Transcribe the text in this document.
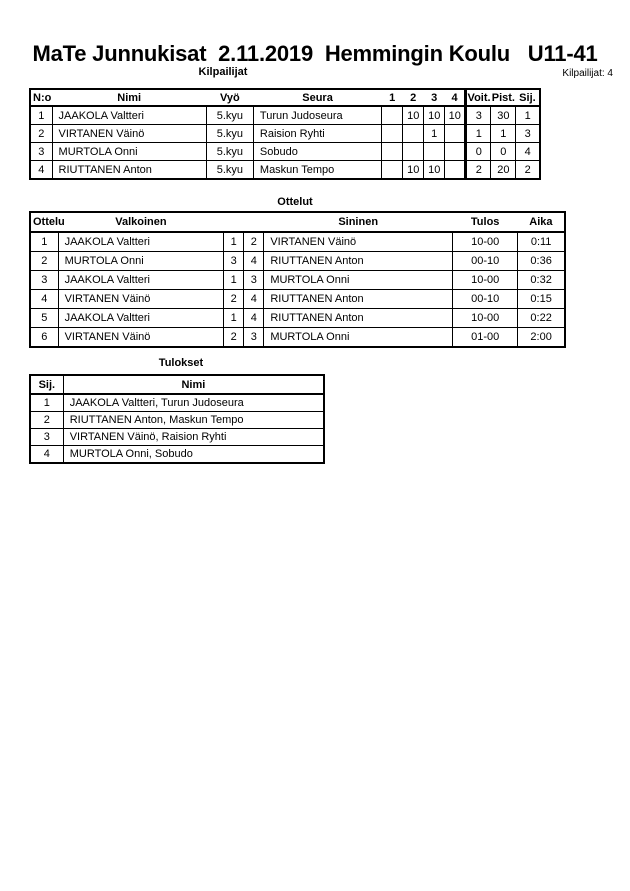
MaTe Junnukisat  2.11.2019  Hemmingin Koulu   U11-41
Kilpailijat	Kilpailijat: 4
N:o	Nimi	Vyö	Seura	1	2	3	4	Voit.	Pist.	Sij.
1	JAAKOLA Valtteri	5.kyu	Turun Judoseura		10	10	10	3	30	1
2	VIRTANEN Väinö	5.kyu	Raision Ryhti			1		1	1	3
3	MURTOLA Onni	5.kyu	Sobudo					0	0	4
4	RIUTTANEN Anton	5.kyu	Maskun Tempo		10	10		2	20	2
Ottelut
Ottelu	Valkoinen			Sininen	Tulos	Aika
1	JAAKOLA Valtteri	1	2	VIRTANEN Väinö	10-00	0:11
2	MURTOLA Onni	3	4	RIUTTANEN Anton	00-10	0:36
3	JAAKOLA Valtteri	1	3	MURTOLA Onni	10-00	0:32
4	VIRTANEN Väinö	2	4	RIUTTANEN Anton	00-10	0:15
5	JAAKOLA Valtteri	1	4	RIUTTANEN Anton	10-00	0:22
6	VIRTANEN Väinö	2	3	MURTOLA Onni	01-00	2:00
Tulokset
Sij.	Nimi
1	JAAKOLA Valtteri, Turun Judoseura
2	RIUTTANEN Anton, Maskun Tempo
3	VIRTANEN Väinö, Raision Ryhti
4	MURTOLA Onni, Sobudo
